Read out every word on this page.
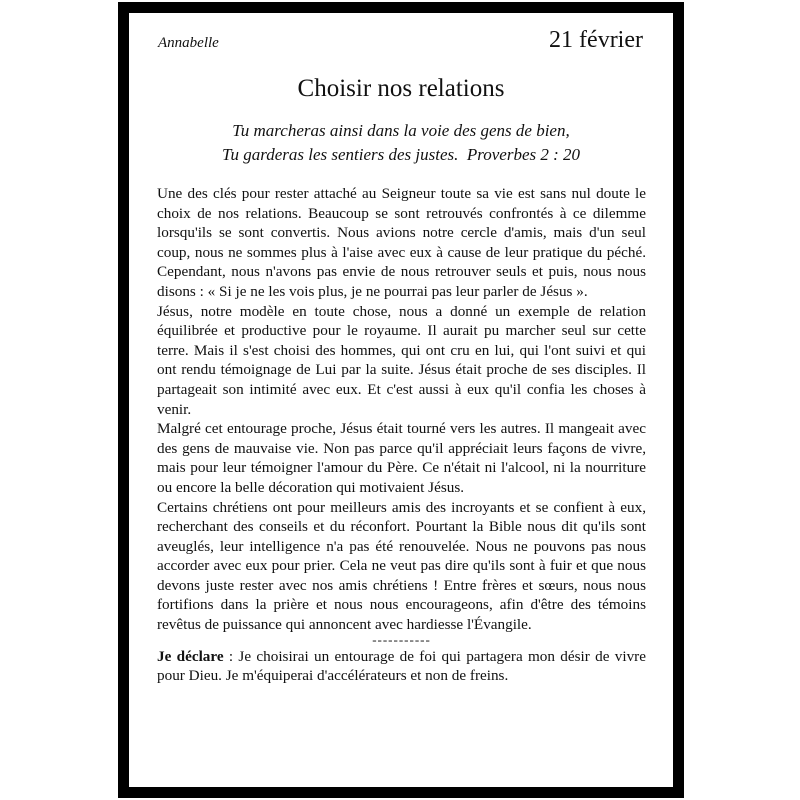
Annabelle	21 février
Choisir nos relations
Tu marcheras ainsi dans la voie des gens de bien,
Tu garderas les sentiers des justes. Proverbes 2 : 20

Une des clés pour rester attaché au Seigneur toute sa vie est sans nul doute le choix de nos relations. Beaucoup se sont retrouvés confrontés à ce dilemme lorsqu'ils se sont convertis. Nous avions notre cercle d'amis, mais d'un seul coup, nous ne sommes plus à l'aise avec eux à cause de leur pratique du péché. Cependant, nous n'avons pas envie de nous retrouver seuls et puis, nous nous disons : « Si je ne les vois plus, je ne pourrai pas leur parler de Jésus ».

Jésus, notre modèle en toute chose, nous a donné un exemple de relation équilibrée et productive pour le royaume. Il aurait pu marcher seul sur cette terre. Mais il s'est choisi des hommes, qui ont cru en lui, qui l'ont suivi et qui ont rendu témoignage de Lui par la suite. Jésus était proche de ses disciples. Il partageait son intimité avec eux. Et c'est aussi à eux qu'il confia les choses à venir.

Malgré cet entourage proche, Jésus était tourné vers les autres. Il mangeait avec des gens de mauvaise vie. Non pas parce qu'il appréciait leurs façons de vivre, mais pour leur témoigner l'amour du Père. Ce n'était ni l'alcool, ni la nourriture ou encore la belle décoration qui motivaient Jésus.

Certains chrétiens ont pour meilleurs amis des incroyants et se confient à eux, recherchant des conseils et du réconfort. Pourtant la Bible nous dit qu'ils sont aveuglés, leur intelligence n'a pas été renouvelée. Nous ne pouvons pas nous accorder avec eux pour prier. Cela ne veut pas dire qu'ils sont à fuir et que nous devons juste rester avec nos amis chrétiens ! Entre frères et sœurs, nous nous fortifions dans la prière et nous nous encourageons, afin d'être des témoins revêtus de puissance qui annoncent avec hardiesse l'Évangile.

-----------

Je déclare : Je choisirai un entourage de foi qui partagera mon désir de vivre pour Dieu. Je m'équiperai d'accélérateurs et non de freins.
